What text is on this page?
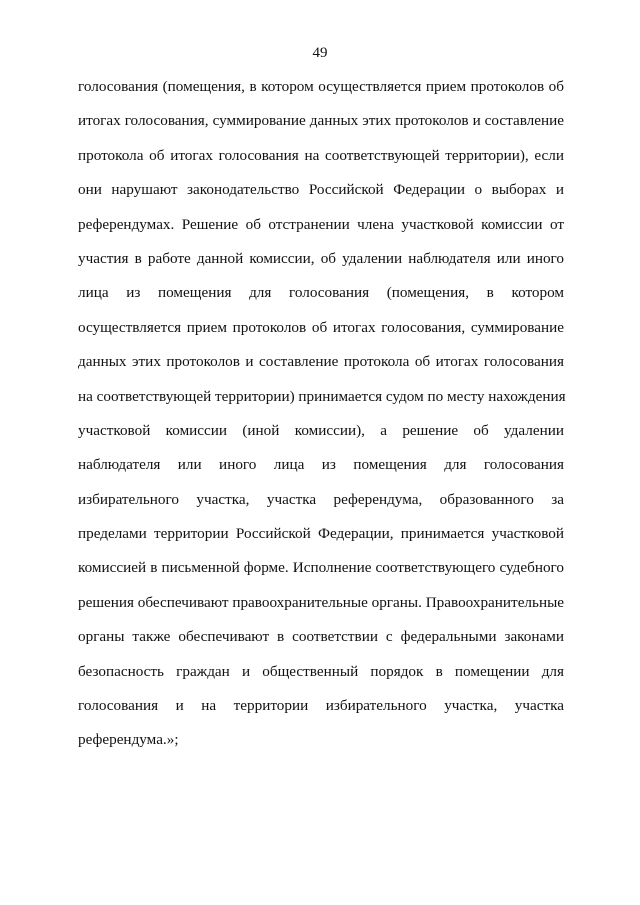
49
голосования (помещения, в котором осуществляется прием протоколов об
итогах голосования, суммирование данных этих протоколов и составление
протокола об итогах голосования на соответствующей территории), если
они нарушают законодательство Российской Федерации о выборах и
референдумах. Решение об отстранении члена участковой комиссии от
участия в работе данной комиссии, об удалении наблюдателя или иного
лица из помещения для голосования (помещения, в котором
осуществляется прием протоколов об итогах голосования, суммирование
данных этих протоколов и составление протокола об итогах голосования
на соответствующей территории) принимается судом по месту нахождения
участковой комиссии (иной комиссии), а решение об удалении
наблюдателя или иного лица из помещения для голосования
избирательного участка, участка референдума, образованного за
пределами территории Российской Федерации, принимается участковой
комиссией в письменной форме. Исполнение соответствующего судебного
решения обеспечивают правоохранительные органы. Правоохранительные
органы также обеспечивают в соответствии с федеральными законами
безопасность граждан и общественный порядок в помещении для
голосования и на территории избирательного участка, участка
референдума.»;
